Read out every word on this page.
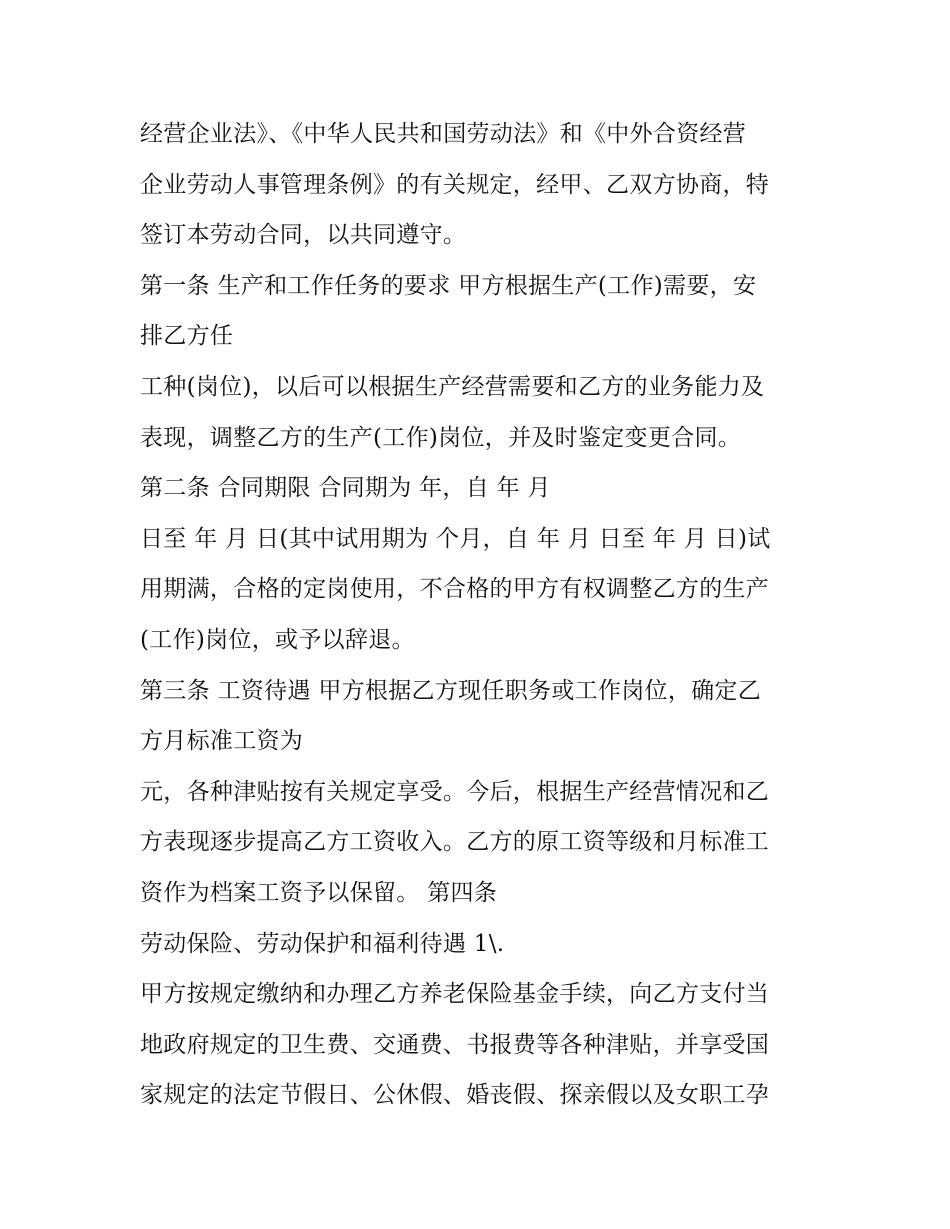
经营企业法》、《中华人民共和国劳动法》和《中外合资经营
企业劳动人事管理条例》的有关规定，经甲、乙双方协商，特
签订本劳动合同，以共同遵守。
第一条 生产和工作任务的要求 甲方根据生产(工作)需要，安
排乙方任
工种(岗位)，以后可以根据生产经营需要和乙方的业务能力及
表现，调整乙方的生产(工作)岗位，并及时鉴定变更合同。
第二条 合同期限 合同期为 年，自 年 月
日至 年 月 日(其中试用期为 个月，自 年 月 日至 年 月 日)试
用期满，合格的定岗使用，不合格的甲方有权调整乙方的生产
(工作)岗位，或予以辞退。
第三条 工资待遇 甲方根据乙方现任职务或工作岗位，确定乙
方月标准工资为
元，各种津贴按有关规定享受。今后，根据生产经营情况和乙
方表现逐步提高乙方工资收入。乙方的原工资等级和月标准工
资作为档案工资予以保留。 第四条
劳动保险、劳动保护和福利待遇 1\.
甲方按规定缴纳和办理乙方养老保险基金手续，向乙方支付当
地政府规定的卫生费、交通费、书报费等各种津贴，并享受国
家规定的法定节假日、公休假、婚丧假、探亲假以及女职工孕
